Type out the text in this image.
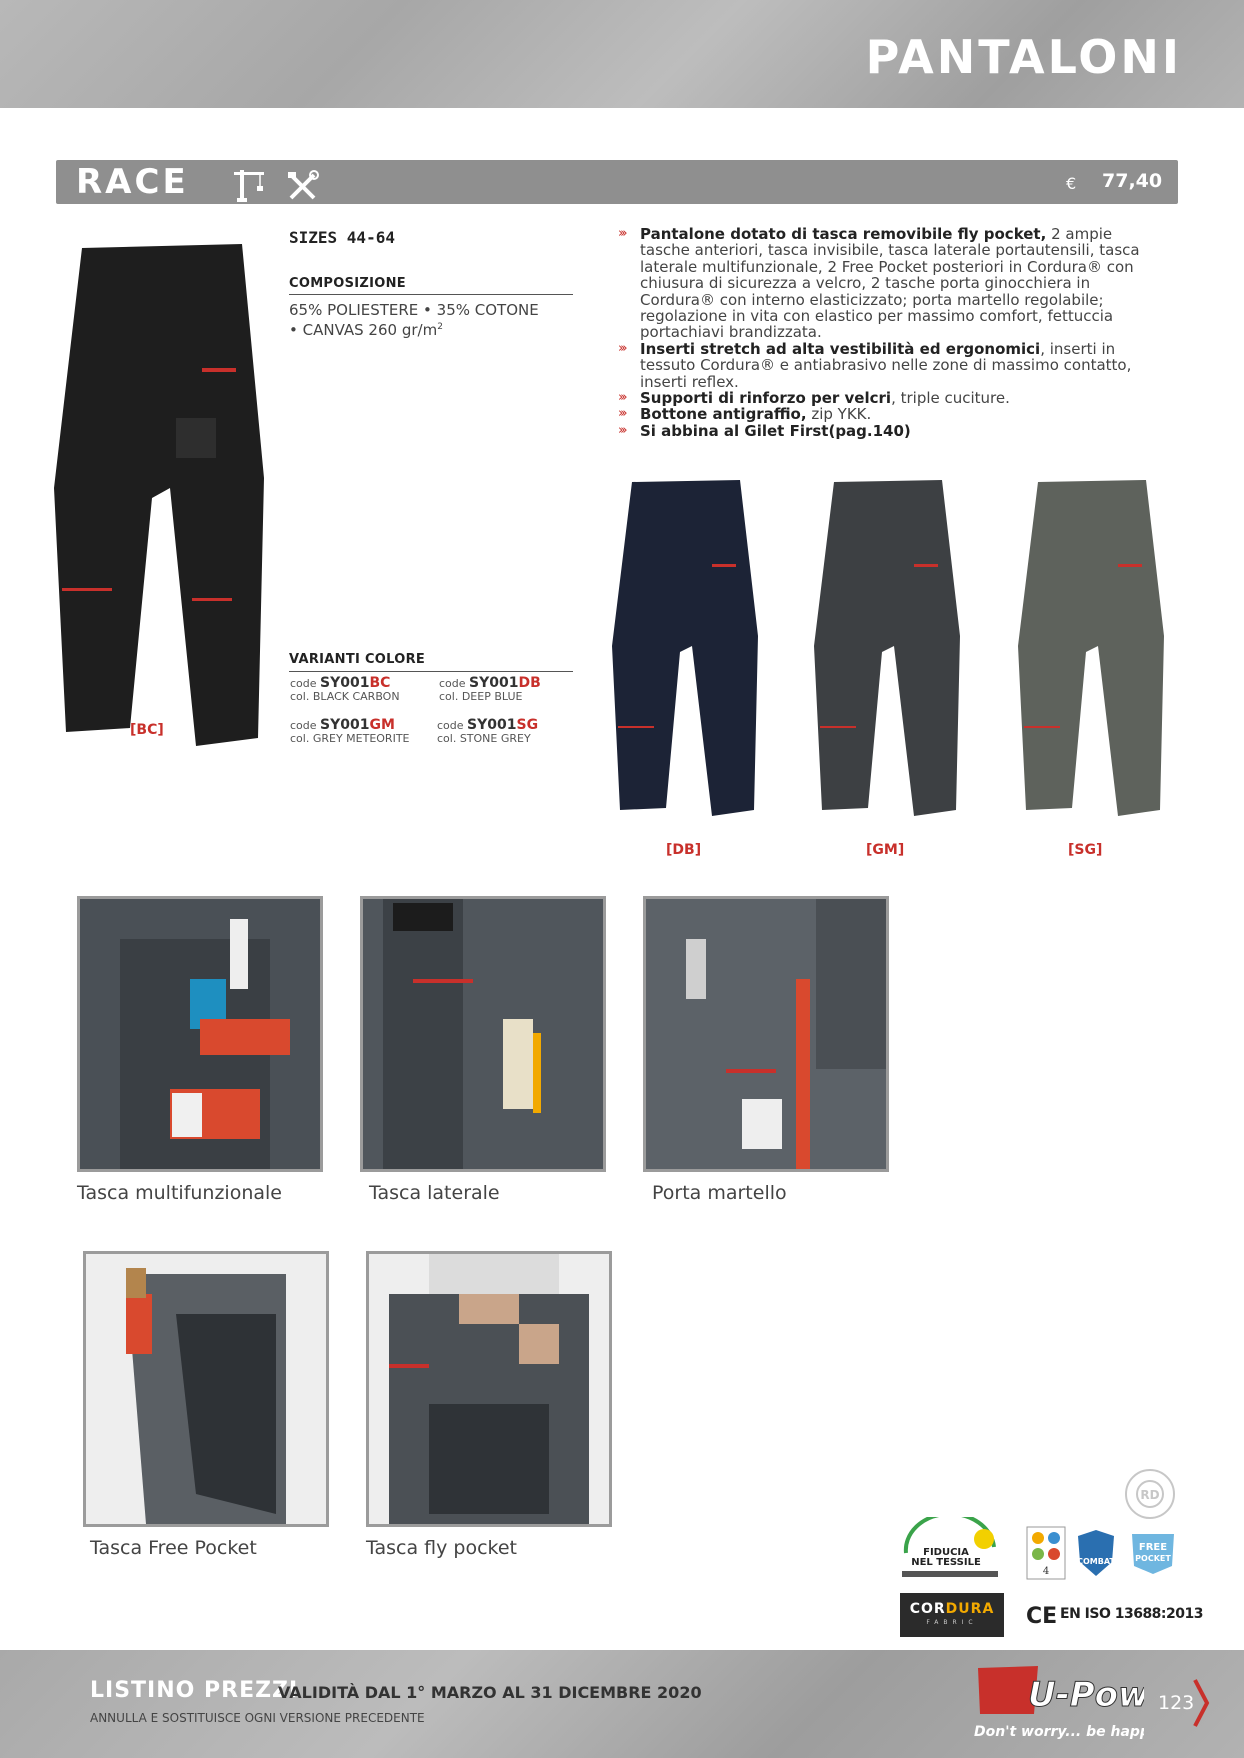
PANTALONI
RACE	€ 77,40
[BC]
SIZES 44-64
COMPOSIZIONE
65% POLIESTERE • 35% COTONE
• CANVAS 260 $gr/m^2$
VARIANTI COLORE
code SY001BC
col. BLACK CARBON
code SY001DB
col. DEEP BLUE
code SY001GM
col. GREY METEORITE
code SY001SG
col. STONE GREY

››› Pantalone dotato di tasca removibile fly pocket, 2 ampie tasche anteriori, tasca invisibile, tasca laterale portautensili, tasca laterale multifunzionale, 2 Free Pocket posteriori in Cordura® con chiusura di sicurezza a velcro, 2 tasche porta ginocchiera in Cordura® con interno elasticizzato; porta martello regolabile; regolazione in vita con elastico per massimo comfort, fettuccia portachiavi brandizzata.

››› Inserti stretch ad alta vestibilità ed ergonomici, inserti in tessuto Cordura® e antiabrasivo nelle zone di massimo contatto, inserti reflex.

››› Supporti di rinforzo per velcri, triple cuciture.

››› Bottone antigraffio, zip YKK.

››› Si abbina al Gilet First(pag.140)

[DB]	[GM]	[SG]
Tasca multifunzionale	Tasca laterale	Porta martello
Tasca Free Pocket	Tasca fly pocket
RD
FIDUCIA
NEL TESSILE
4
COMBAT
FREE
POCKET
CORDURA
FABRIC	CE EN ISO 13688:2013
LISTINO PREZZI
VALIDITÀ DAL 1° MARZO AL 31 DICEMBRE 2020
ANNULLA E SOSTITUISCE OGNI VERSIONE PRECEDENTE
U-Pow
Don't worry... be hap
123
